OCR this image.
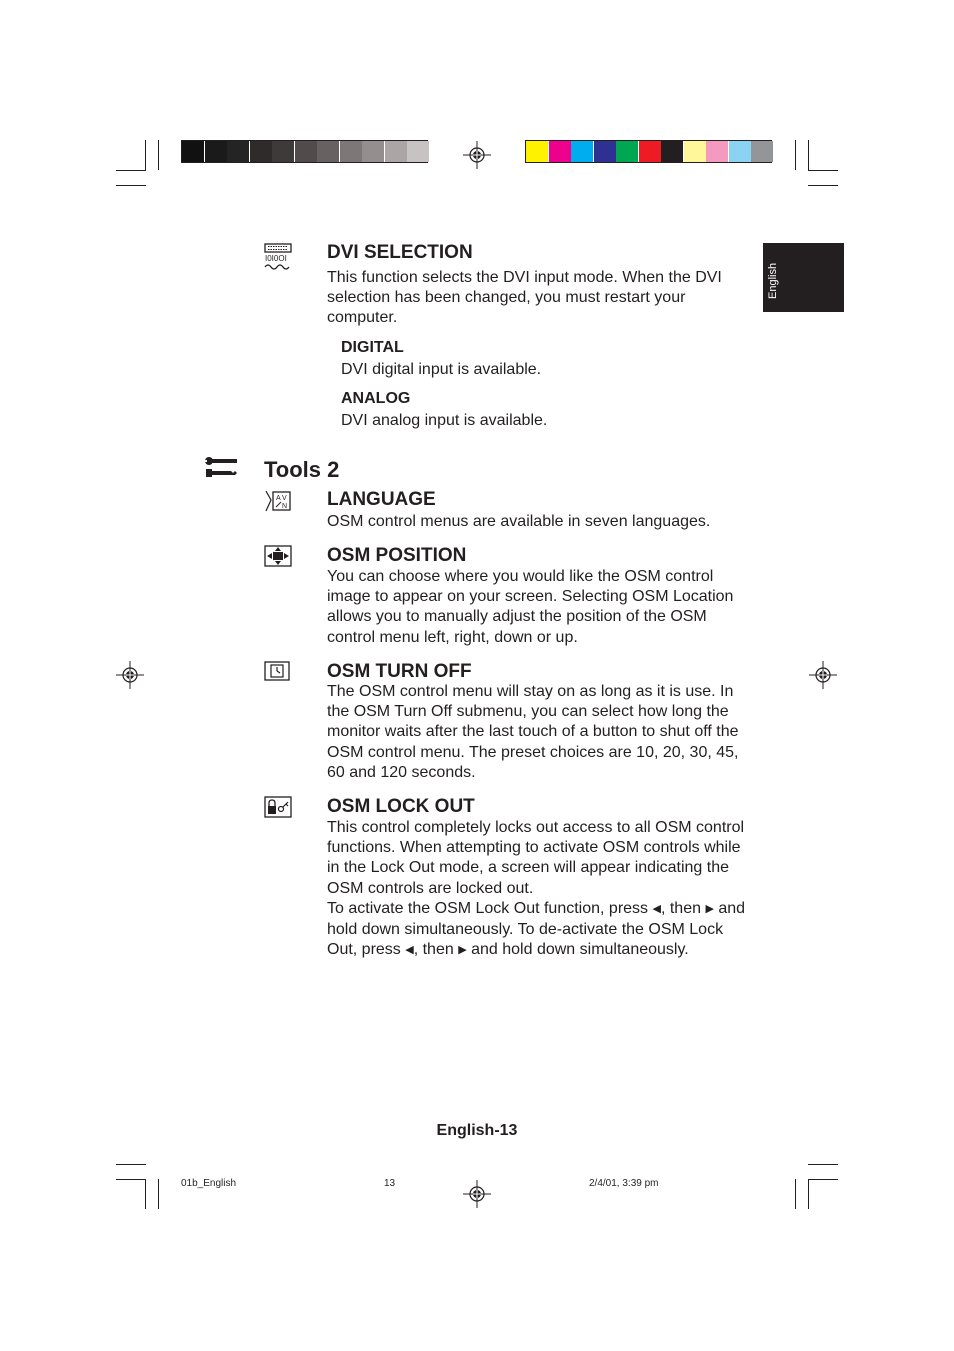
English
I0I0OI DVI SELECTION
This function selects the DVI input mode. When the DVI selection has been changed, you must restart your computer.
DIGITAL
DVI digital input is available.
ANALOG
DVI analog input is available.
Tools 2
A V
N LANGUAGE
OSM control menus are available in seven languages.
OSM POSITION
You can choose where you would like the OSM control image to appear on your screen. Selecting OSM Location allows you to manually adjust the position of the OSM control menu left, right, down or up.
OSM TURN OFF
The OSM control menu will stay on as long as it is use. In the OSM Turn Off submenu, you can select how long the monitor waits after the last touch of a button to shut off the OSM control menu. The preset choices are 10, 20, 30, 45, 60 and 120 seconds.
OSM LOCK OUT
This control completely locks out access to all OSM control functions. When attempting to activate OSM controls while in the Lock Out mode, a screen will appear indicating the OSM controls are locked out.
To activate the OSM Lock Out function, press ◀, then ▶ and hold down simultaneously. To de-activate the OSM Lock Out, press ◀, then ▶ and hold down simultaneously.
English-13
01b_English	13	2/4/01, 3:39 pm
